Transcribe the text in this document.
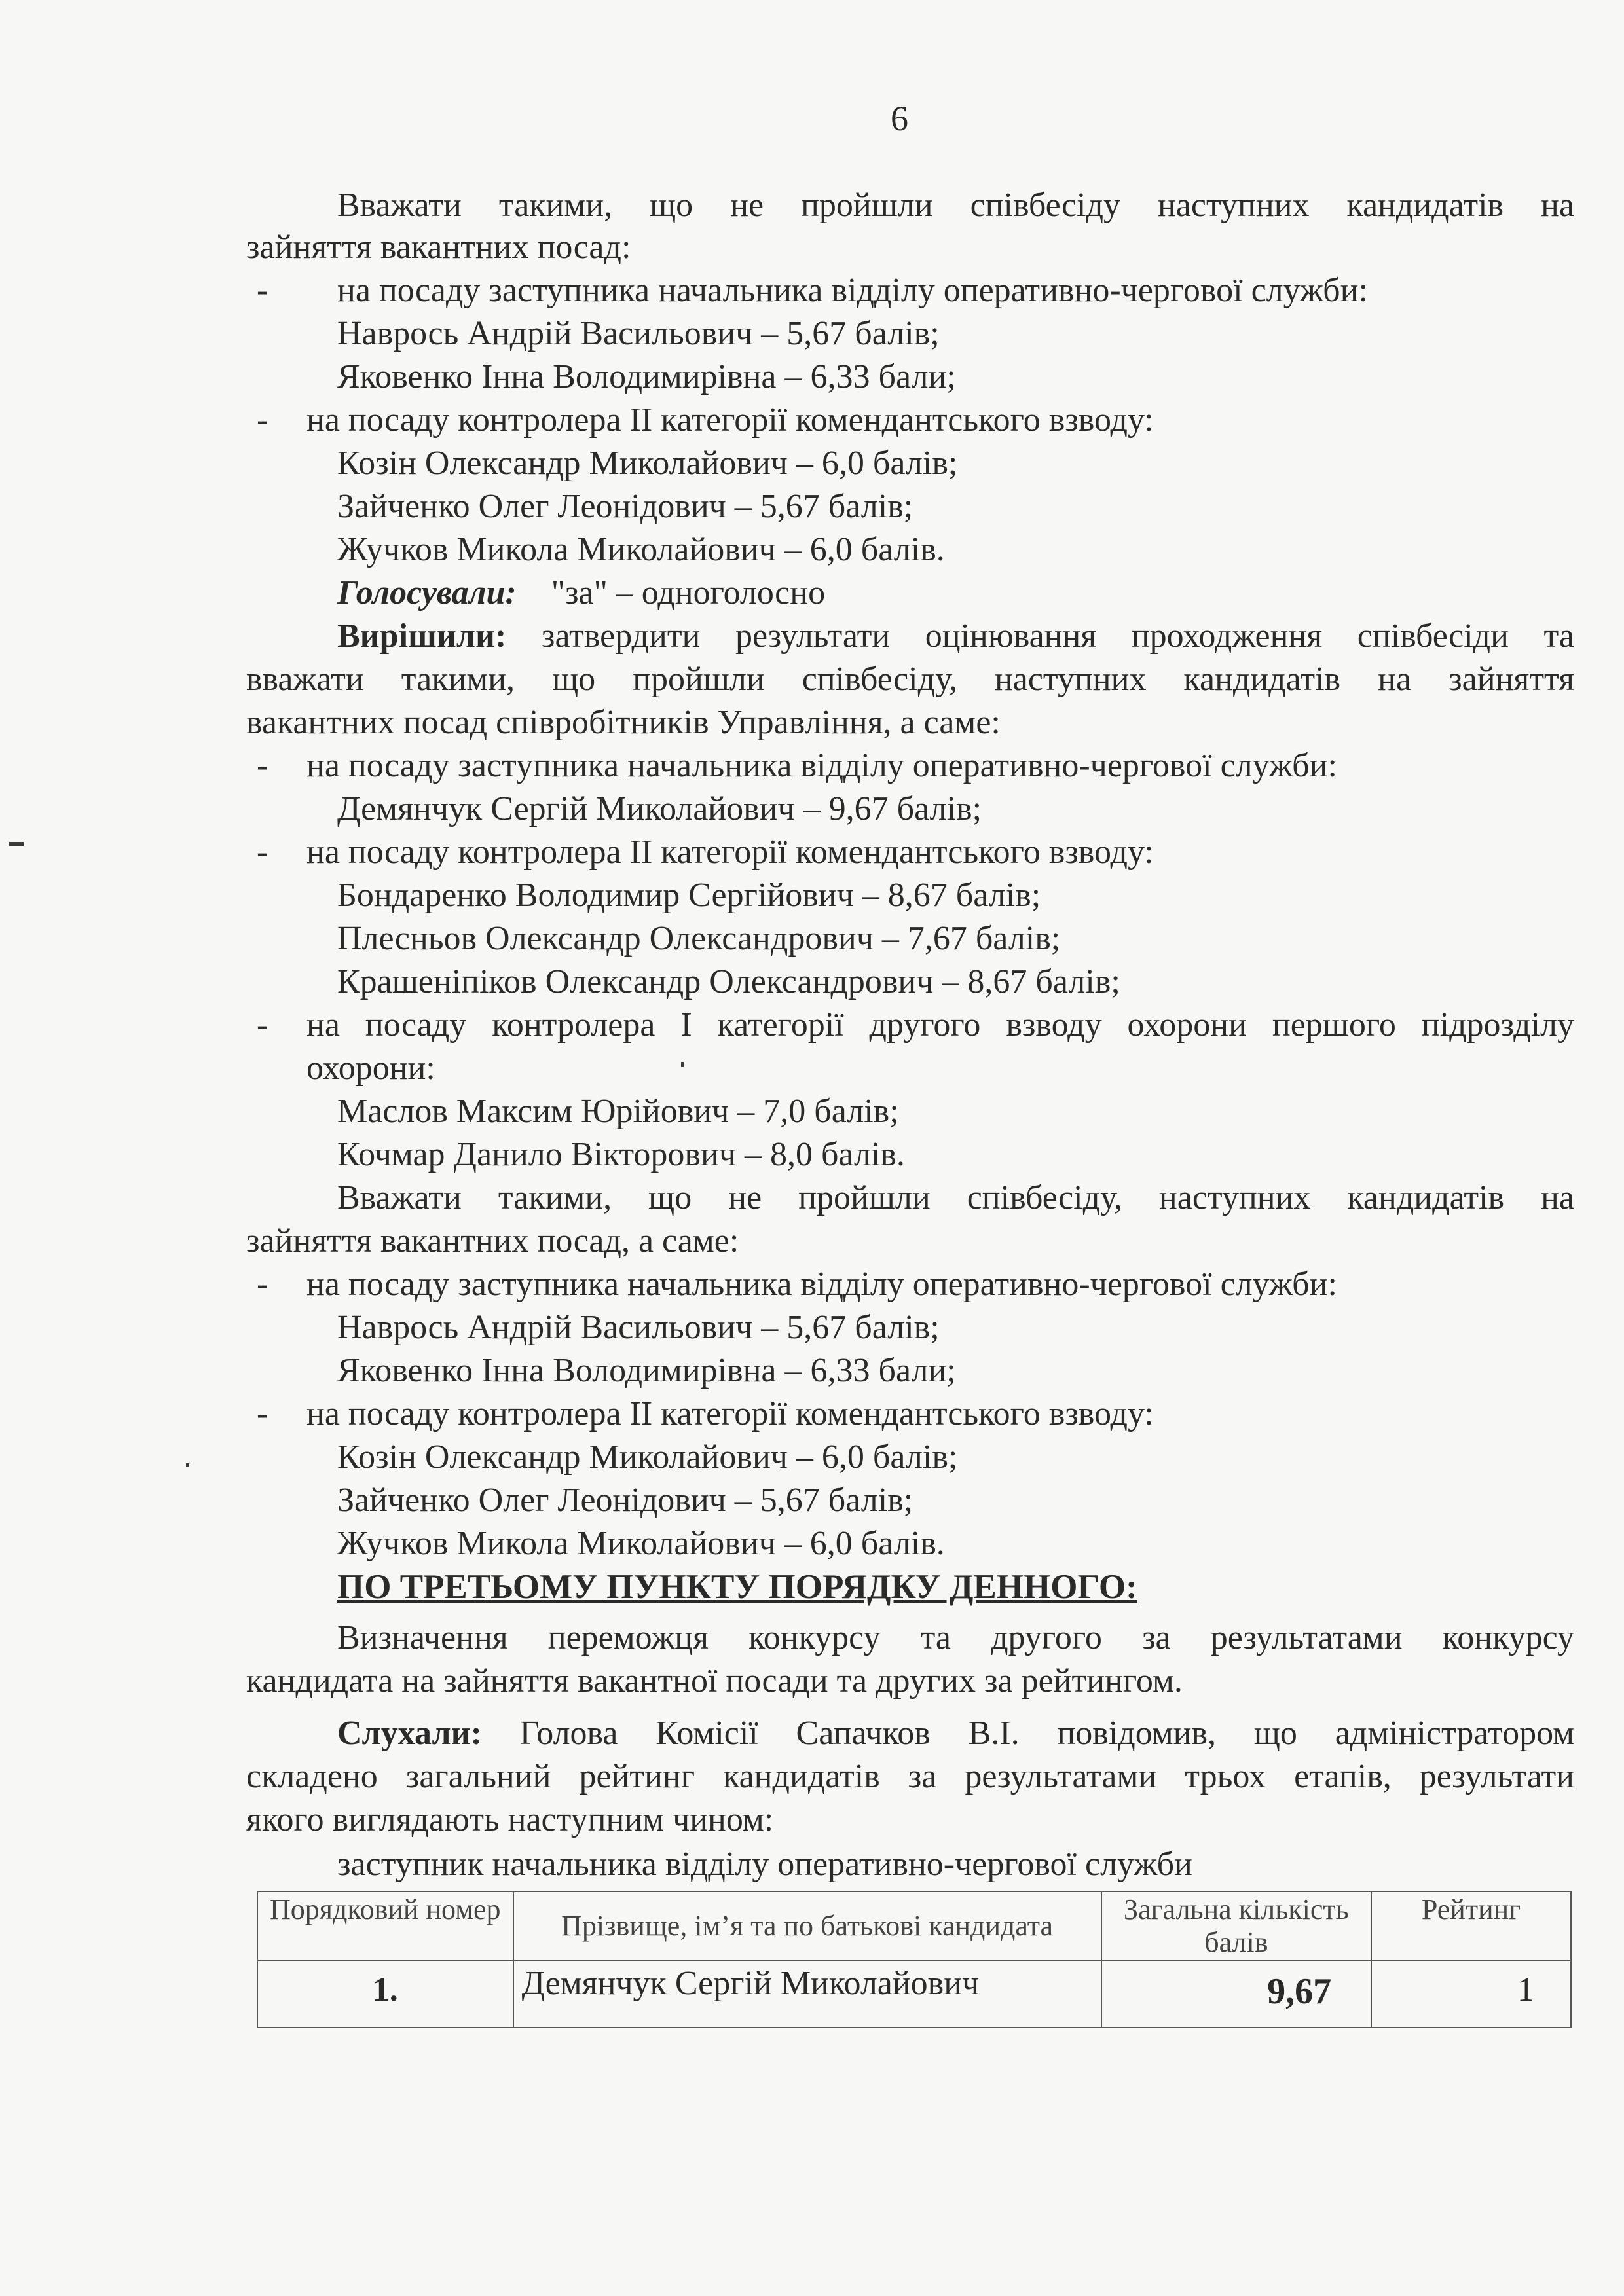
6
Вважати такими, що не пройшли співбесіду наступних кандидатів на
зайняття вакантних посад:
- на посаду заступника начальника відділу оперативно-чергової служби:
Наврось Андрій Васильович – 5,67 балів;
Яковенко Інна Володимирівна – 6,33 бали;
- на посаду контролера ІІ категорії комендантського взводу:
Козін Олександр Миколайович – 6,0 балів;
Зайченко Олег Леонідович – 5,67 балів;
Жучков Микола Миколайович – 6,0 балів.
Голосували: "за" – одноголосно
Вирішили: затвердити результати оцінювання проходження співбесіди та
вважати такими, що пройшли співбесіду, наступних кандидатів на зайняття
вакантних посад співробітників Управління, а саме:
- на посаду заступника начальника відділу оперативно-чергової служби:
Демянчук Сергій Миколайович – 9,67 балів;
- на посаду контролера ІІ категорії комендантського взводу:
Бондаренко Володимир Сергійович – 8,67 балів;
Плесньов Олександр Олександрович – 7,67 балів;
Крашеніпіков Олександр Олександрович – 8,67 балів;
- на посаду контролера І категорії другого взводу охорони першого підрозділу
охорони:
Маслов Максим Юрійович – 7,0 балів;
Кочмар Данило Вікторович – 8,0 балів.
Вважати такими, що не пройшли співбесіду, наступних кандидатів на
зайняття вакантних посад, а саме:
- на посаду заступника начальника відділу оперативно-чергової служби:
Наврось Андрій Васильович – 5,67 балів;
Яковенко Інна Володимирівна – 6,33 бали;
- на посаду контролера ІІ категорії комендантського взводу:
Козін Олександр Миколайович – 6,0 балів;
Зайченко Олег Леонідович – 5,67 балів;
Жучков Микола Миколайович – 6,0 балів.
ПО ТРЕТЬОМУ ПУНКТУ ПОРЯДКУ ДЕННОГО:
Визначення переможця конкурсу та другого за результатами конкурсу
кандидата на зайняття вакантної посади та других за рейтингом.
Слухали: Голова Комісії Сапачков В.І. повідомив, що адміністратором
складено загальний рейтинг кандидатів за результатами трьох етапів, результати
якого виглядають наступним чином:
заступник начальника відділу оперативно-чергової служби
Порядковий номер	Прізвище, ім’я та по батькові кандидата	Загальна кількість балів	Рейтинг
1.	Демянчук Сергій Миколайович	9,67	1
